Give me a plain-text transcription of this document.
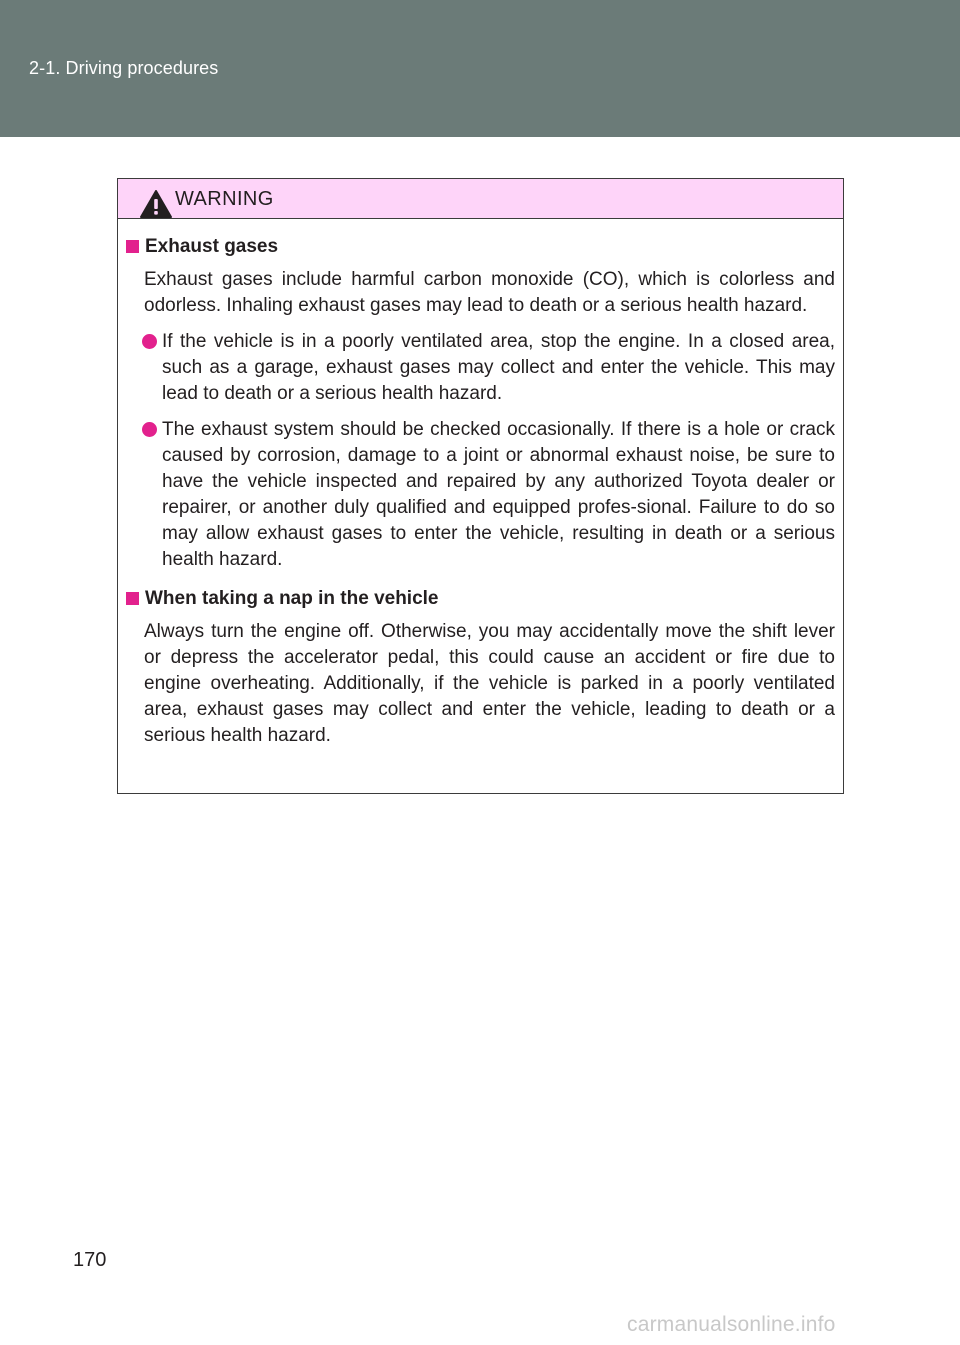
2-1. Driving procedures
WARNING
Exhaust gases

Exhaust gases include harmful carbon monoxide (CO), which is colorless and odorless. Inhaling exhaust gases may lead to death or a serious health hazard.

If the vehicle is in a poorly ventilated area, stop the engine. In a closed area, such as a garage, exhaust gases may collect and enter the vehicle. This may lead to death or a serious health hazard.
The exhaust system should be checked occasionally. If there is a hole or crack caused by corrosion, damage to a joint or abnormal exhaust noise, be sure to have the vehicle inspected and repaired by any authorized Toyota dealer or repairer, or another duly qualified and equipped profes-sional. Failure to do so may allow exhaust gases to enter the vehicle, resulting in death or a serious health hazard.
When taking a nap in the vehicle

Always turn the engine off. Otherwise, you may accidentally move the shift lever or depress the accelerator pedal, this could cause an accident or fire due to engine overheating. Additionally, if the vehicle is parked in a poorly ventilated area, exhaust gases may collect and enter the vehicle, leading to death or a serious health hazard.

170
carmanualsonline.info
